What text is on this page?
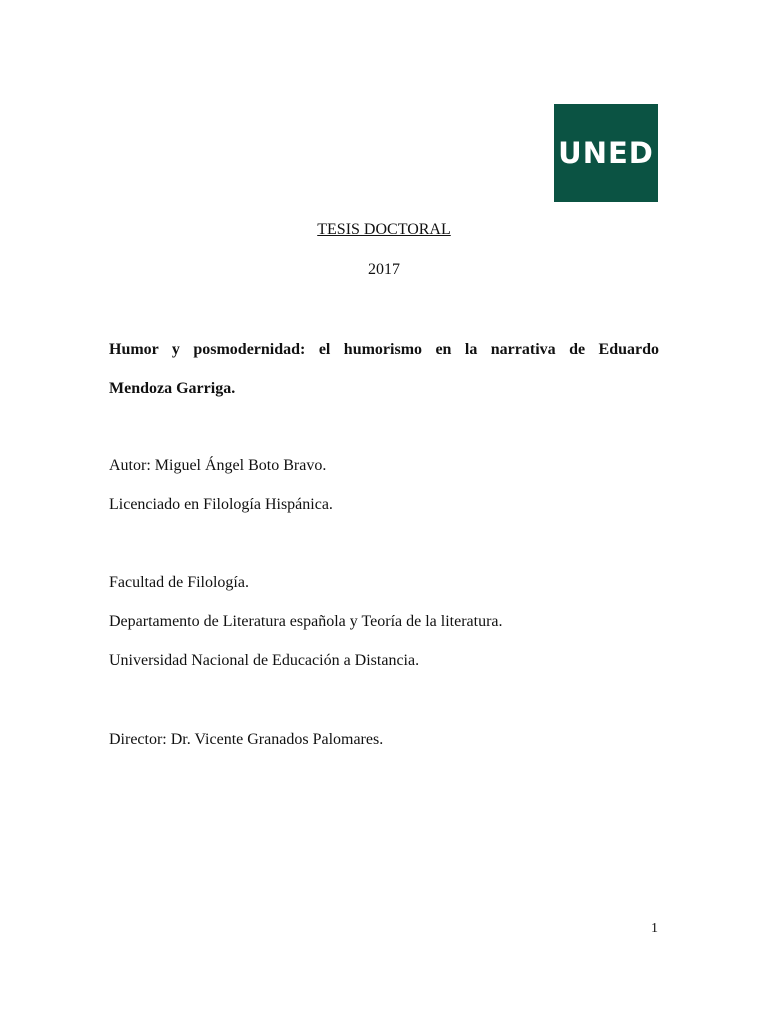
UNED
TESIS DOCTORAL
2017
Humor y posmodernidad: el humorismo en la narrativa de Eduardo
Mendoza Garriga.
Autor: Miguel Ángel Boto Bravo.
Licenciado en Filología Hispánica.
Facultad de Filología.
Departamento de Literatura española y Teoría de la literatura.
Universidad Nacional de Educación a Distancia.
Director: Dr. Vicente Granados Palomares.
1
